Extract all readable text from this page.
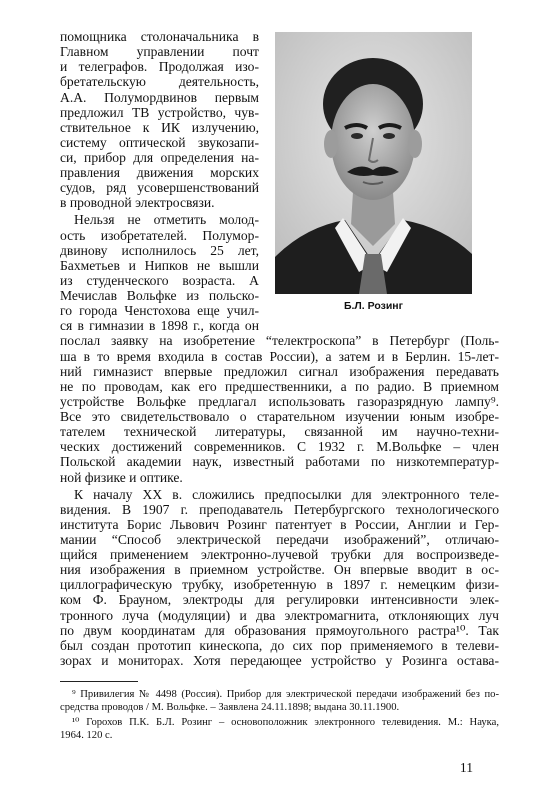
Б.Л. Розинг
помощника столоначальника в
Главном управлении почт
и телеграфов. Продолжая изо-
бретательскую деятельность,
А.А. Полумордвинов первым
предложил ТВ устройство, чув-
ствительное к ИК излучению,
систему оптической звукозапи-
си, прибор для определения на-
правления движения морских
судов, ряд усовершенствований
в проводной электросвязи.
Нельзя не отметить молод-
ость изобретателей. Полумор-
двинову исполнилось 25 лет,
Бахметьев и Нипков не вышли
из студенческого возраста. А
Мечислав Вольфке из польско-
го города Ченстохова еще учил-
ся в гимназии в 1898 г., когда он
послал заявку на изобретение “телектроскопа” в Петербург (Поль-
ша в то время входила в состав России), а затем и в Берлин. 15-лет-
ний гимназист впервые предложил сигнал изображения передавать
не по проводам, как его предшественники, а по радио. В приемном
устройстве Вольфке предлагал использовать газоразрядную лампу⁹.
Все это свидетельствовало о старательном изучении юным изобре-
тателем технической литературы, связанной им научно-техни-
ческих достижений современников. С 1932 г. М.Вольфке – член
Польской академии наук, известный работами по низкотемператур-
ной физике и оптике.
К началу XX в. сложились предпосылки для электронного теле-
видения. В 1907 г. преподаватель Петербургского технологического
института Борис Львович Розинг патентует в России, Англии и Гер-
мании “Способ электрической передачи изображений”, отличаю-
щийся применением электронно-лучевой трубки для воспроизведе-
ния изображения в приемном устройстве. Он впервые вводит в ос-
циллографическую трубку, изобретенную в 1897 г. немецким физи-
ком Ф. Брауном, электроды для регулировки интенсивности элек-
тронного луча (модуляции) и два электромагнита, отклоняющих луч
по двум координатам для образования прямоугольного растра¹⁰. Так
был создан прототип кинескопа, до сих пор применяемого в телеви-
зорах и мониторах. Хотя передающее устройство у Розинга остава-
⁹ Привилегия № 4498 (Россия). Прибор для электрической передачи изображений без по-
средства проводов / М. Вольфке. – Заявлена 24.11.1898; выдана 30.11.1900.
¹⁰ Горохов П.К. Б.Л. Розинг – основоположник электронного телевидения. М.: Наука,
11
1964. 120 с.
